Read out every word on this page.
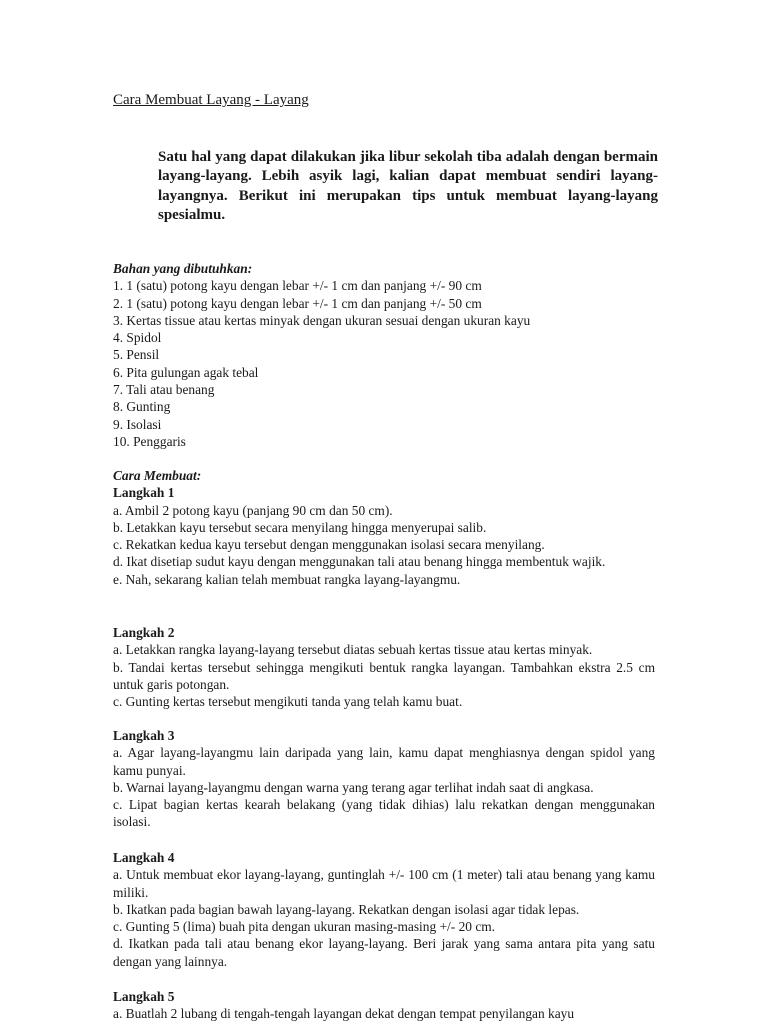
Cara Membuat Layang - Layang
Satu hal yang dapat dilakukan jika libur sekolah tiba adalah dengan bermain layang-layang. Lebih asyik lagi, kalian dapat membuat sendiri layang-layangnya. Berikut ini merupakan tips untuk membuat layang-layang spesialmu.
Bahan yang dibutuhkan:
1. 1 (satu) potong kayu dengan lebar +/- 1 cm dan panjang +/- 90 cm
2. 1 (satu) potong kayu dengan lebar +/- 1 cm dan panjang +/- 50 cm
3. Kertas tissue atau kertas minyak dengan ukuran sesuai dengan ukuran kayu
4. Spidol
5. Pensil
6. Pita gulungan agak tebal
7. Tali atau benang
8. Gunting
9. Isolasi
10. Penggaris
Cara Membuat:
Langkah 1
a. Ambil 2 potong kayu (panjang 90 cm dan 50 cm).
b. Letakkan kayu tersebut secara menyilang hingga menyerupai salib.
c. Rekatkan kedua kayu tersebut dengan menggunakan isolasi secara menyilang.
d. Ikat disetiap sudut kayu dengan menggunakan tali atau benang hingga membentuk wajik.
e. Nah, sekarang kalian telah membuat rangka layang-layangmu.
Langkah 2
a. Letakkan rangka layang-layang tersebut diatas sebuah kertas tissue atau kertas minyak.
b. Tandai kertas tersebut sehingga mengikuti bentuk rangka layangan. Tambahkan ekstra 2.5 cm untuk garis potongan.
c. Gunting kertas tersebut mengikuti tanda yang telah kamu buat.
Langkah 3
a. Agar layang-layangmu lain daripada yang lain, kamu dapat menghiasnya dengan spidol yang kamu punyai.
b. Warnai layang-layangmu dengan warna yang terang agar terlihat indah saat di angkasa.
c. Lipat bagian kertas kearah belakang (yang tidak dihias) lalu rekatkan dengan menggunakan isolasi.
Langkah 4
a. Untuk membuat ekor layang-layang, guntinglah +/- 100 cm (1 meter) tali atau benang yang kamu miliki.
b. Ikatkan pada bagian bawah layang-layang. Rekatkan dengan isolasi agar tidak lepas.
c. Gunting 5 (lima) buah pita dengan ukuran masing-masing +/- 20 cm.
d. Ikatkan pada tali atau benang ekor layang-layang. Beri jarak yang sama antara pita yang satu dengan yang lainnya.
Langkah 5
a. Buatlah 2 lubang di tengah-tengah layangan dekat dengan tempat penyilangan kayu
